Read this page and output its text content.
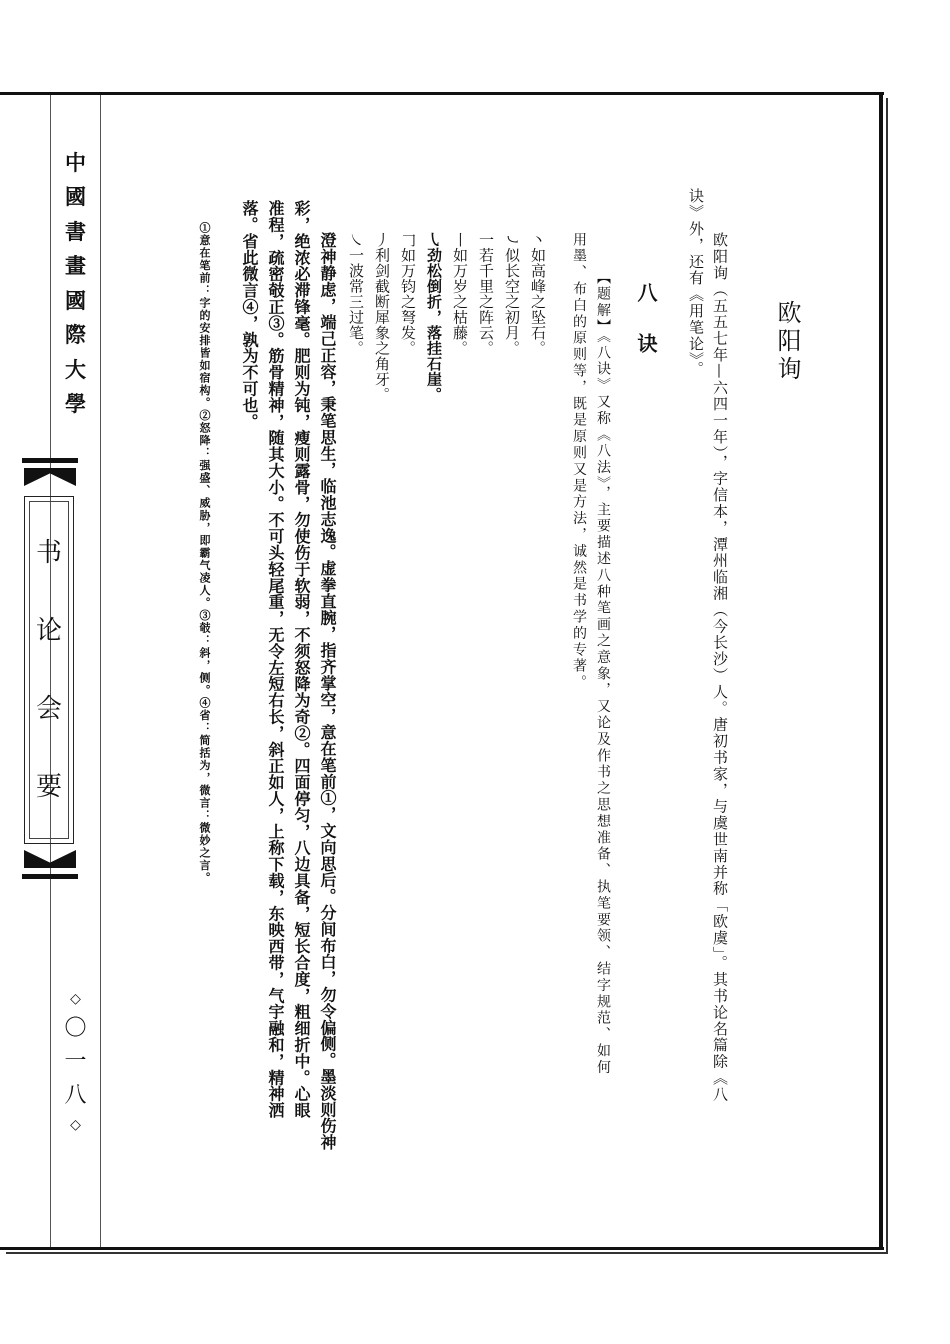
中
國
書
畫
國
際
大
學
书
论
会
要
◇
〇
一
八
◇
欧阳询
欧阳询（五五七年—六四一年），字信本，潭州临湘（今长沙）人。唐初书家，与虞世南并称「欧虞」。其书论名篇除《八
诀》外，还有《用笔论》。
八 诀
【题解】《八诀》又称《八法》，主要描述八种笔画之意象，又论及作书之思想准备、执笔要领、结字规范、如何
用墨、布白的原则等，既是原则又是方法，诚然是书学的专著。
丶如高峰之坠石。
㇃似长空之初月。
一若千里之阵云。
丨如万岁之枯藤。
㇂劲松倒折，落挂石崖。
𠃌如万钧之弩发。
丿利剑截断犀象之角牙。
㇏一波常三过笔。
澄神静虑，端己正容，秉笔思生，临池志逸。虚拳直腕，指齐掌空，意在笔前①，文向思后。分间布白，勿令偏侧。墨淡则伤神
彩，绝浓必滞锋毫。肥则为钝，瘦则露骨，勿使伤于软弱，不须怒降为奇②。四面停匀，八边具备，短长合度，粗细折中。心眼
准程，疏密攲正③。筋骨精神，随其大小。不可头轻尾重，无令左短右长，斜正如人，上称下载，东映西带，气宇融和，精神洒
落。省此微言④，孰为不可也。
①意在笔前：字的安排皆如宿构。②怒降：强盛、威胁，即霸气凌人。③攲：斜，侧。④省：简括为，微言：微妙之言。
